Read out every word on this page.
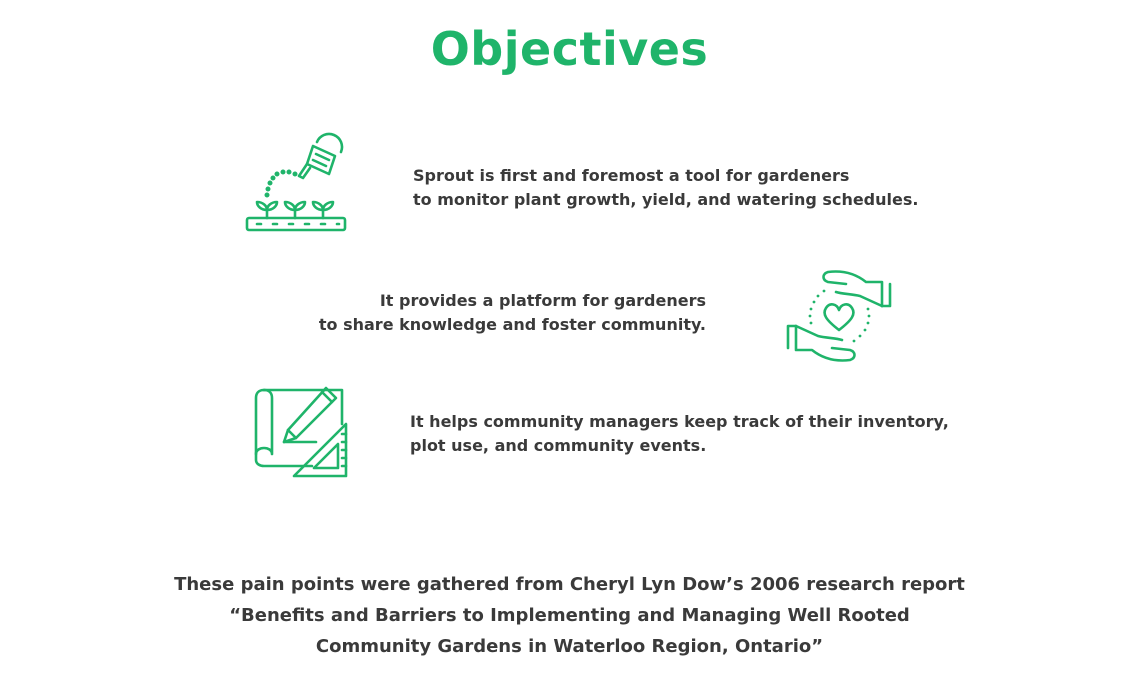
Objectives
Sprout is first and foremost a tool for gardeners
to monitor plant growth, yield, and watering schedules.
It provides a platform for gardeners
to share knowledge and foster community.
It helps community managers keep track of their inventory,
plot use, and community events.
These pain points were gathered from Cheryl Lyn Dow’s 2006 research report
“Benefits and Barriers to Implementing and Managing Well Rooted
Community Gardens in Waterloo Region, Ontario”
